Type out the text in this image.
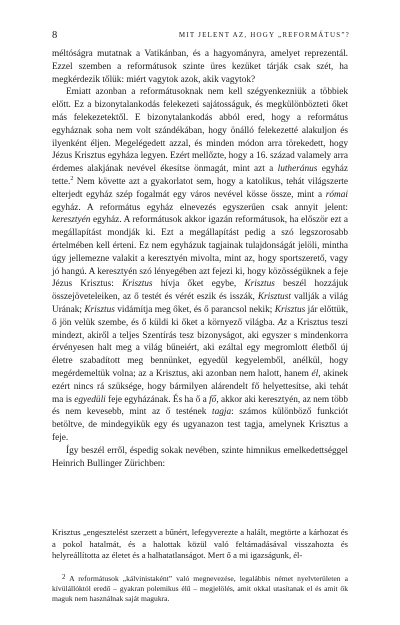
8	MIT JELENT AZ, HOGY „REFORMÁTUS”?

méltóságra mutatnak a Vatikánban, és a hagyományra, amelyet reprezentál. Ezzel szemben a reformátusok szinte üres kezüket tárják csak szét, ha megkérdezik tőlük: miért vagytok azok, akik vagytok?

Emiatt azonban a reformátusoknak nem kell szégyenkezniük a többiek előtt. Ez a bizonytalankodás felekezeti sajátosságuk, és megkülönbözteti őket más felekezetektől. E bizonytalankodás abból ered, hogy a református egyháznak soha nem volt szándékában, hogy önálló felekezetté alakuljon és ilyenként éljen. Megelégedett azzal, és minden módon arra törekedett, hogy Jézus Krisztus egyháza legyen. Ezért mellőzte, hogy a 16. század valamely arra érdemes alakjának nevével ékesítse önmagát, mint azt a lutheránus egyház tette.$^2$ Nem követte azt a gyakorlatot sem, hogy a katolikus, tehát világszerte elterjedt egyház szép fogalmát egy város nevével kösse össze, mint a római egyház. A református egyház elnevezés egyszerűen csak annyit jelent: keresztyén egyház. A reformátusok akkor igazán reformátusok, ha először ezt a megállapítást mondják ki. Ezt a megállapítást pedig a szó legszorosabb értelmében kell érteni. Ez nem egyházuk tagjainak tulajdonságát jelöli, mintha úgy jellemezne valakit a keresztyén mivolta, mint az, hogy sportszerető, vagy jó hangú. A keresztyén szó lényegében azt fejezi ki, hogy közösségüknek a feje Jézus Krisztus: Krisztus hívja őket egybe, Krisztus beszél hozzájuk összejöveteleiken, az ő testét és vérét eszik és isszák, Krisztust vallják a világ Urának; Krisztus vidámítja meg őket, és ő parancsol nekik; Krisztus jár előttük, ő jön velük szembe, és ő küldi ki őket a környező világba. Az a Krisztus teszi mindezt, akiről a teljes Szentírás tesz bizonyságot, aki egyszer s mindenkorra érvényesen halt meg a világ bűneiért, aki ezáltal egy megromlott életből új életre szabadított meg bennünket, egyedül kegyelemből, anélkül, hogy megérdemeltük volna; az a Krisztus, aki azonban nem halott, hanem él, akinek ezért nincs rá szüksége, hogy bármilyen alárendelt fő helyettesítse, aki tehát ma is egyedüli feje egyházának. És ha ő a fő, akkor aki keresztyén, az nem több és nem kevesebb, mint az ő testének tagja: számos különböző funkciót betöltve, de mindegyikük egy és ugyanazon test tagja, amelynek Krisztus a feje.

Így beszél erről, éspedig sokak nevében, szinte himnikus emelkedettséggel Heinrich Bullinger Zürichben:

Krisztus „engesztelést szerzett a bűnért, lefegyverezte a halált, megtörte a kárhozat és a pokol hatalmát, és a halottak közül való feltámadásával visszahozta és helyreállította az életet és a halhatatlanságot. Mert ő a mi igazságunk, él-

$^2$ A reformátusok „kálvinistaként” való megnevezése, legalábbis német nyelvterületen a kívülállóktól eredő – gyakran polemikus élű – megjelölés, amit okkal utasítanak el és amit ők maguk nem használnak saját magukra.
